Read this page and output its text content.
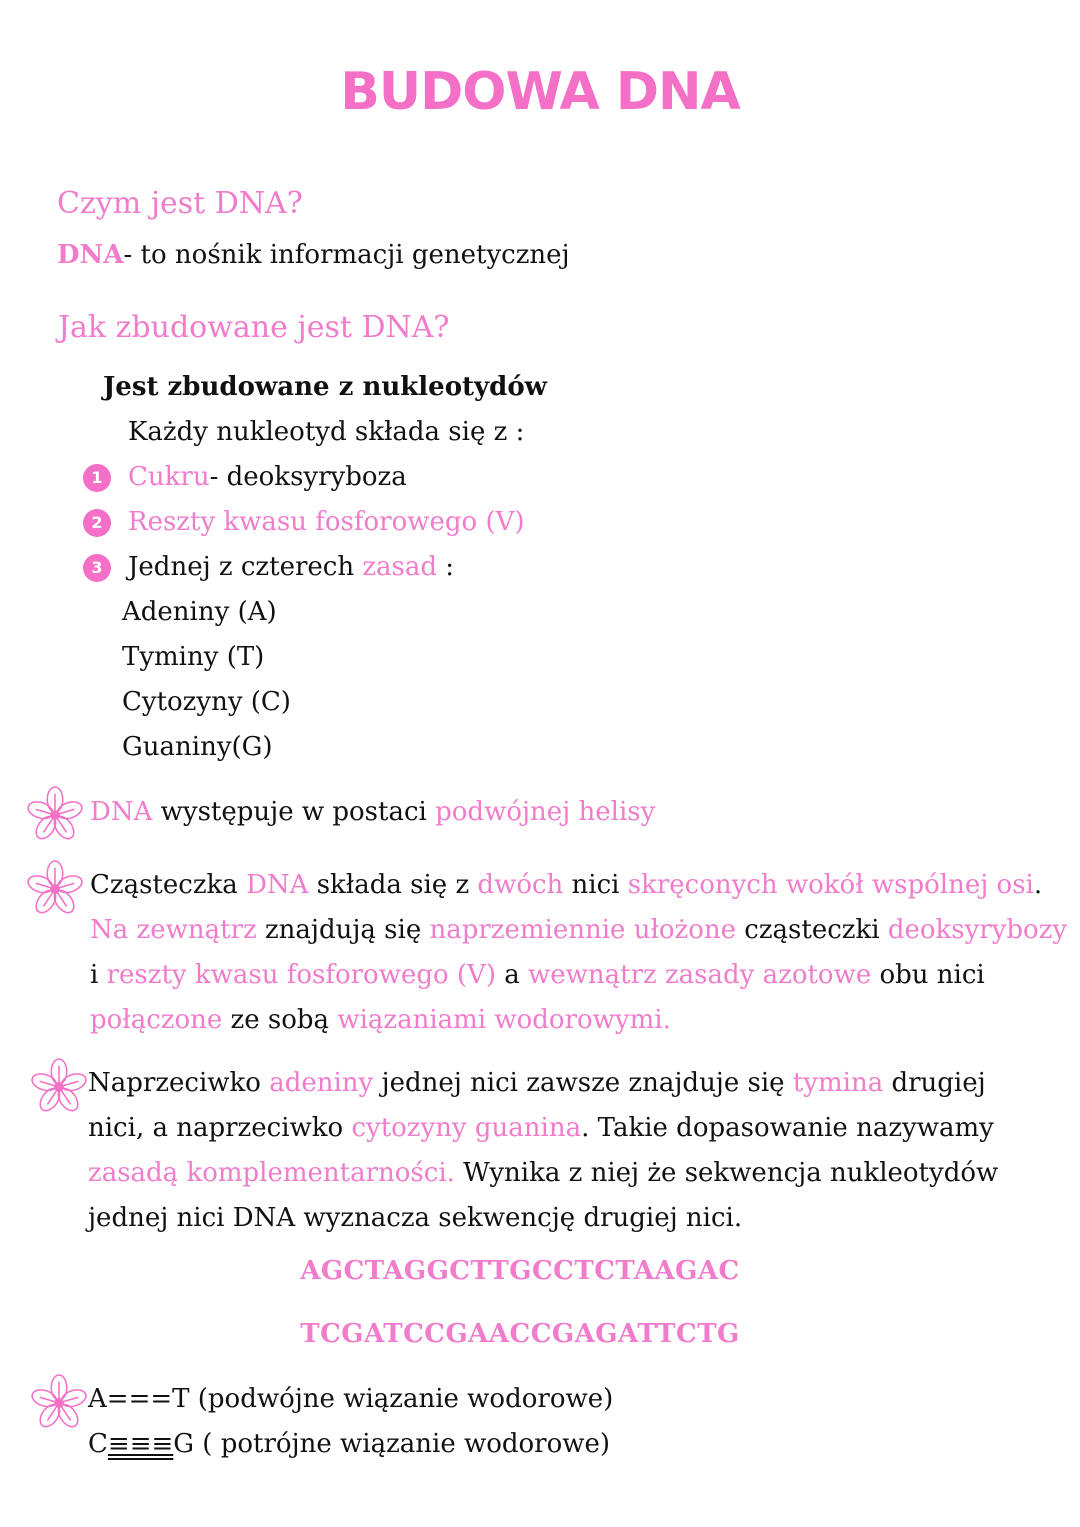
BUDOWA DNA
Czym jest DNA?
DNA- to nośnik informacji genetycznej
Jak zbudowane jest DNA?
Jest zbudowane z nukleotydów
Każdy nukleotyd składa się z :
1 Cukru- deoksyryboza
2 Reszty kwasu fosforowego (V)
3 Jednej z czterech zasad :
Adeniny (A)
Tyminy (T)
Cytozyny (C)
Guaniny(G)
DNA występuje w postaci podwójnej helisy
Cząsteczka DNA składa się z dwóch nici skręconych wokół wspólnej osi.
Na zewnątrz znajdują się naprzemiennie ułożone cząsteczki deoksyrybozy
i reszty kwasu fosforowego (V) a wewnątrz zasady azotowe obu nici
połączone ze sobą wiązaniami wodorowymi.
Naprzeciwko adeniny jednej nici zawsze znajduje się tymina drugiej
nici, a naprzeciwko cytozyny guanina. Takie dopasowanie nazywamy
zasadą komplementarności. Wynika z niej że sekwencja nukleotydów
jednej nici DNA wyznacza sekwencję drugiej nici.
AGCTAGGCTTGCCTCTAAGAC
TCGATCCGAACCGAGATTCTG
A===T (podwójne wiązanie wodorowe)
C≡≡≡G ( potrójne wiązanie wodorowe)
